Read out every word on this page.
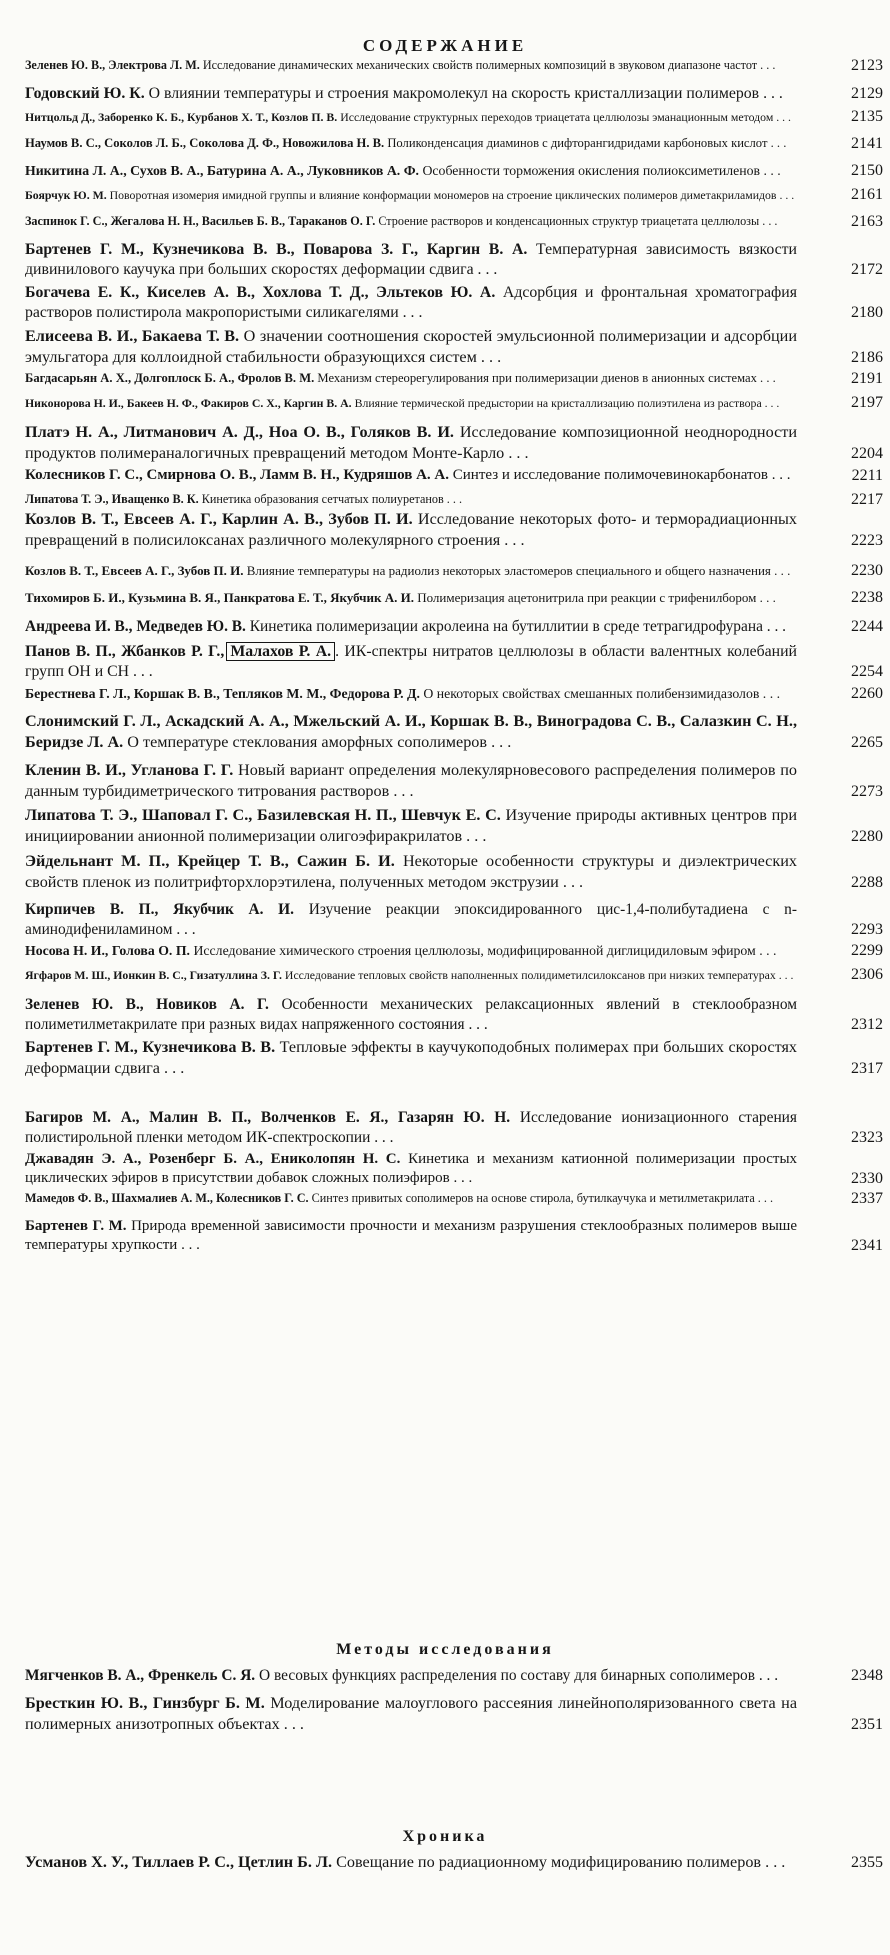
СОДЕРЖАНИЕ
Зеленев Ю. В., Электрова Л. М. Исследование динамических механических свойств полимерных композиций в звуковом диапазоне частот . . .	2123
Годовский Ю. К. О влиянии температуры и строения макромолекул на скорость кристаллизации полимеров . . .	2129
Нитцольд Д., Заборенко К. Б., Курбанов Х. Т., Козлов П. В. Исследование структурных переходов триацетата целлюлозы эманационным методом . . .	2135
Наумов В. С., Соколов Л. Б., Соколова Д. Ф., Новожилова Н. В. Поликонденсация диаминов с дифторангидридами карбоновых кислот . . .	2141
Никитина Л. А., Сухов В. А., Батурина А. А., Луковников А. Ф. Особенности торможения окисления полиоксиметиленов . . .	2150
Боярчук Ю. М. Поворотная изомерия имидной группы и влияние конформации мономеров на строение циклических полимеров диметакриламидов . . .	2161
Заспинок Г. С., Жегалова Н. Н., Васильев Б. В., Тараканов О. Г. Строение растворов и конденсационных структур триацетата целлюлозы . . .	2163
Бартенев Г. М., Кузнечикова В. В., Поварова З. Г., Каргин В. А. Температурная зависимость вязкости дивинилового каучука при больших скоростях деформации сдвига . . .	2172
Богачева Е. К., Киселев А. В., Хохлова Т. Д., Эльтеков Ю. А. Адсорбция и фронтальная хроматография растворов полистирола макропористыми силикагелями . . .	2180
Елисеева В. И., Бакаева Т. В. О значении соотношения скоростей эмульсионной полимеризации и адсорбции эмульгатора для коллоидной стабильности образующихся систем . . .	2186
Багдасарьян А. Х., Долгоплоск Б. А., Фролов В. М. Механизм стереорегулирования при полимеризации диенов в анионных системах . . .	2191
Никонорова Н. И., Бакеев Н. Ф., Факиров С. Х., Каргин В. А. Влияние термической предыстории на кристаллизацию полиэтилена из раствора . . .	2197
Платэ Н. А., Литманович А. Д., Ноа О. В., Голяков В. И. Исследование композиционной неоднородности продуктов полимераналогичных превращений методом Монте-Карло . . .	2204
Колесников Г. С., Смирнова О. В., Ламм В. Н., Кудряшов А. А. Синтез и исследование полимочевинокарбонатов . . .	2211
Липатова Т. Э., Иващенко В. К. Кинетика образования сетчатых полиуретанов . . .	2217
Козлов В. Т., Евсеев А. Г., Карлин А. В., Зубов П. И. Исследование некоторых фото- и терморадиационных превращений в полисилоксанах различного молекулярного строения . . .	2223
Козлов В. Т., Евсеев А. Г., Зубов П. И. Влияние температуры на радиолиз некоторых эластомеров специального и общего назначения . . .	2230
Тихомиров Б. И., Кузьмина В. Я., Панкратова Е. Т., Якубчик А. И. Полимеризация ацетонитрила при реакции с трифенилбором . . .	2238
Андреева И. В., Медведев Ю. В. Кинетика полимеризации акролеина на бутиллитии в среде тетрагидрофурана . . .	2244
Панов В. П., Жбанков Р. Г., Малахов Р. А. . ИК-спектры нитратов целлюлозы в области валентных колебаний групп OH и CH . . .	2254
Берестнева Г. Л., Коршак В. В., Тепляков М. М., Федорова Р. Д. О некоторых свойствах смешанных полибензимидазолов . . .	2260
Слонимский Г. Л., Аскадский А. А., Мжельский А. И., Коршак В. В., Виноградова С. В., Салазкин С. Н., Беридзе Л. А. О температуре стеклования аморфных сополимеров . . .	2265
Кленин В. И., Угланова Г. Г. Новый вариант определения молекулярновесового распределения полимеров по данным турбидиметрического титрования растворов . . .	2273
Липатова Т. Э., Шаповал Г. С., Базилевская Н. П., Шевчук Е. С. Изучение природы активных центров при инициировании анионной полимеризации олигоэфиракрилатов . . .	2280
Эйдельнант М. П., Крейцер Т. В., Сажин Б. И. Некоторые особенности структуры и диэлектрических свойств пленок из политрифторхлорэтилена, полученных методом экструзии . . .	2288
Кирпичев В. П., Якубчик А. И. Изучение реакции эпоксидированного цис-1,4-полибутадиена с n-аминодифениламином . . .	2293
Носова Н. И., Голова О. П. Исследование химического строения целлюлозы, модифицированной диглицидиловым эфиром . . .	2299
Ягфаров М. Ш., Ионкин В. С., Гизатуллина З. Г. Исследование тепловых свойств наполненных полидиметилсилоксанов при низких температурах . . .	2306
Зеленев Ю. В., Новиков А. Г. Особенности механических релаксационных явлений в стеклообразном полиметилметакрилате при разных видах напряженного состояния . . .	2312
Бартенев Г. М., Кузнечикова В. В. Тепловые эффекты в каучукоподобных полимерах при больших скоростях деформации сдвига . . .	2317
Багиров М. А., Малин В. П., Волченков Е. Я., Газарян Ю. Н. Исследование ионизационного старения полистирольной пленки методом ИК-спектроскопии . . .	2323
Джавадян Э. А., Розенберг Б. А., Ениколопян Н. С. Кинетика и механизм катионной полимеризации простых циклических эфиров в присутствии добавок сложных полиэфиров . . .	2330
Мамедов Ф. В., Шахмалиев А. М., Колесников Г. С. Синтез привитых сополимеров на основе стирола, бутилкаучука и метилметакрилата . . .	2337
Бартенев Г. М. Природа временной зависимости прочности и механизм разрушения стеклообразных полимеров выше температуры хрупкости . . .	2341
Методы исследования
Мягченков В. А., Френкель С. Я. О весовых функциях распределения по составу для бинарных сополимеров . . .	2348
Бресткин Ю. В., Гинзбург Б. М. Моделирование малоуглового рассеяния линейнополяризованного света на полимерных анизотропных объектах . . .	2351
Хроника
Усманов Х. У., Тиллаев Р. С., Цетлин Б. Л. Совещание по радиационному модифицированию полимеров . . .	2355
